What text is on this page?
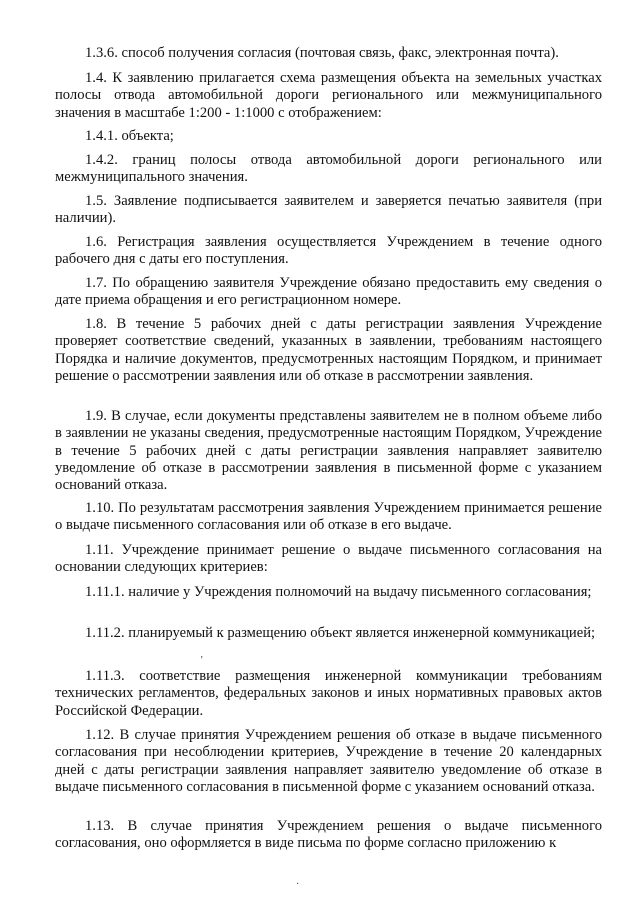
1.3.6. способ получения согласия (почтовая связь, факс, электронная почта).

1.4. К заявлению прилагается схема размещения объекта на земельных участках полосы отвода автомобильной дороги регионального или межмуниципального значения в масштабе 1:200 - 1:1000 с отображением:

1.4.1. объекта;

1.4.2. границ полосы отвода автомобильной дороги регионального или межмуниципального значения.

1.5. Заявление подписывается заявителем и заверяется печатью заявителя (при наличии).

1.6. Регистрация заявления осуществляется Учреждением в течение одного рабочего дня с даты его поступления.

1.7. По обращению заявителя Учреждение обязано предоставить ему сведения о дате приема обращения и его регистрационном номере.

1.8. В течение 5 рабочих дней с даты регистрации заявления Учреждение проверяет соответствие сведений, указанных в заявлении, требованиям настоящего Порядка и наличие документов, предусмотренных настоящим Порядком, и принимает решение о рассмотрении заявления или об отказе в рассмотрении заявления.

1.9. В случае, если документы представлены заявителем не в полном объеме либо в заявлении не указаны сведения, предусмотренные настоящим Порядком, Учреждение в течение 5 рабочих дней с даты регистрации заявления направляет заявителю уведомление об отказе в рассмотрении заявления в письменной форме с указанием оснований отказа.

1.10. По результатам рассмотрения заявления Учреждением принимается решение о выдаче письменного согласования или об отказе в его выдаче.

1.11. Учреждение принимает решение о выдаче письменного согласования на основании следующих критериев:

1.11.1. наличие у Учреждения полномочий на выдачу письменного согласования;

1.11.2. планируемый к размещению объект является инженерной коммуникацией;

1.11.3. соответствие размещения инженерной коммуникации требованиям технических регламентов, федеральных законов и иных нормативных правовых актов Российской Федерации.

1.12. В случае принятия Учреждением решения об отказе в выдаче письменного согласования при несоблюдении критериев, Учреждение в течение 20 календарных дней с даты регистрации заявления направляет заявителю уведомление об отказе в выдаче письменного согласования в письменной форме с указанием оснований отказа.

1.13. В случае принятия Учреждением решения о выдаче письменного согласования, оно оформляется в виде письма по форме согласно приложению к

ʼ
·
